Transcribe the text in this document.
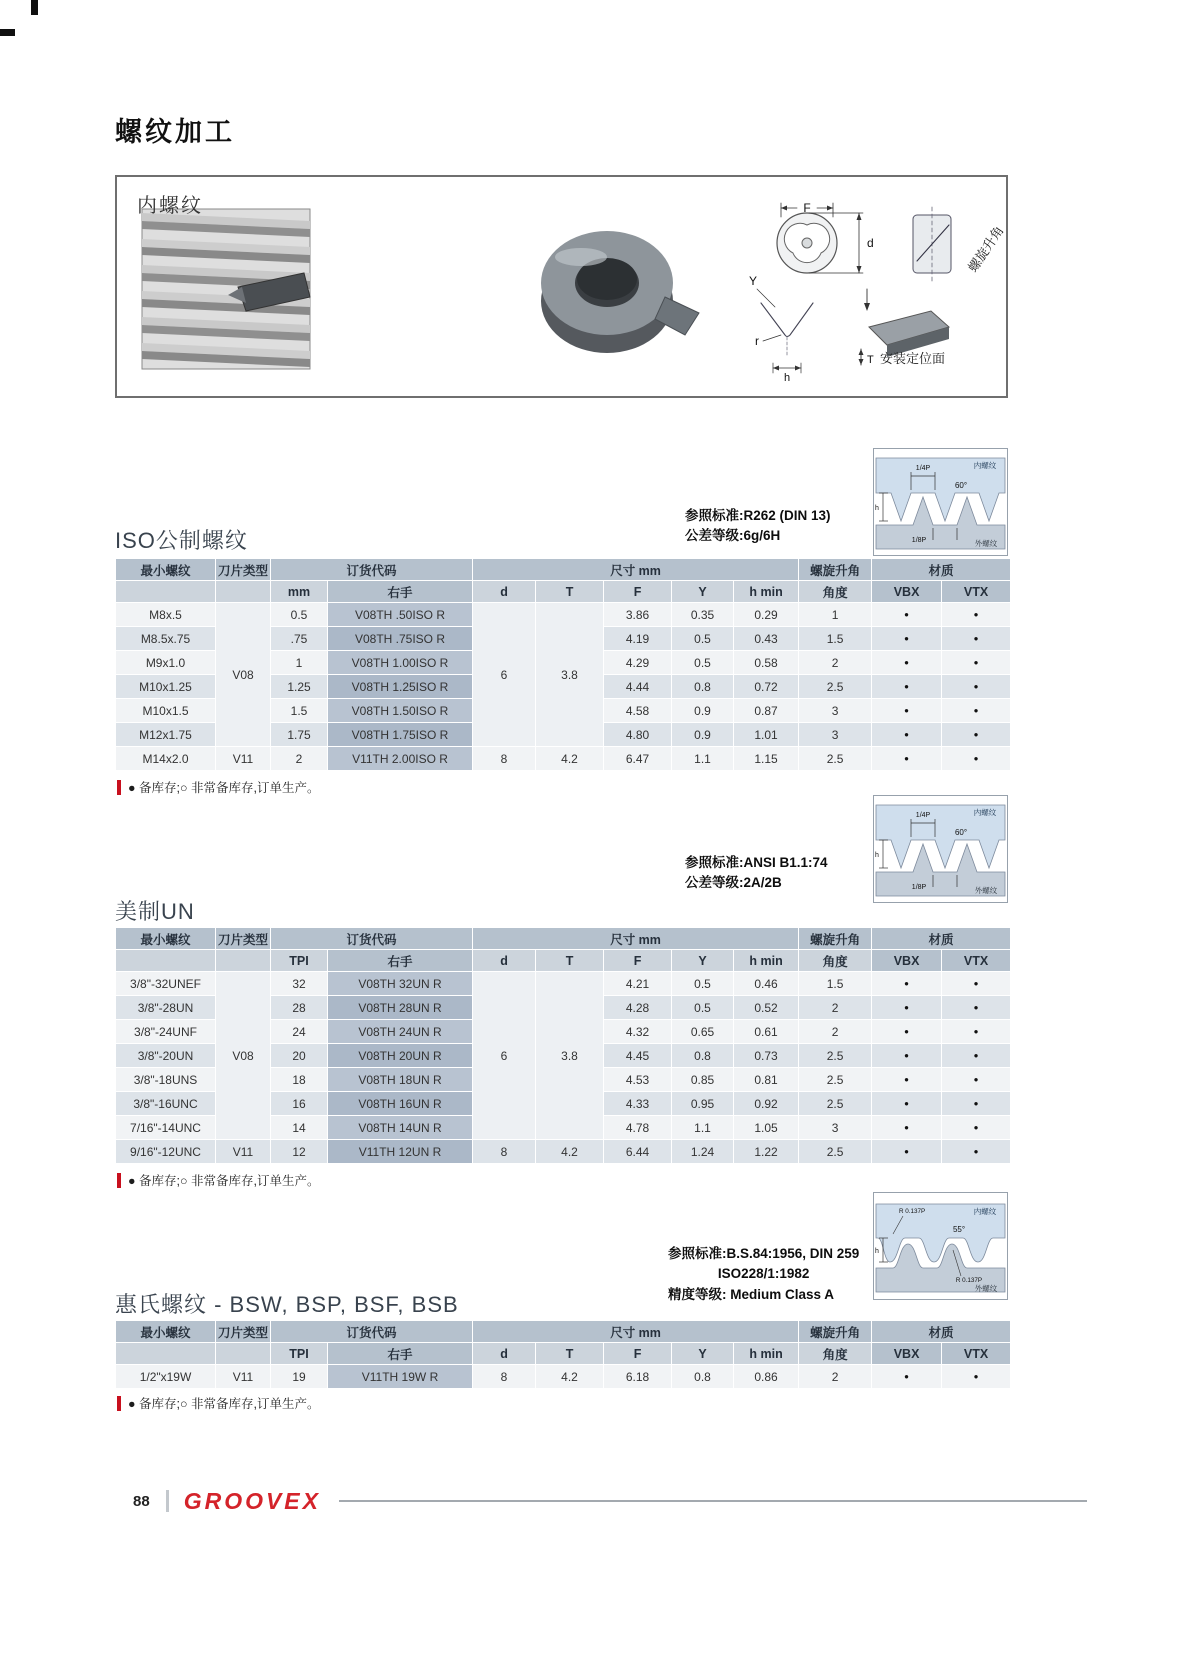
螺纹加工
内螺纹	F
d	螺旋升角
Y
r
h
T 安装定位面
1/4P
60°
h
1/8P
内螺纹
外螺纹
参照标准:R262 (DIN 13)
公差等级:6g/6H
ISO公制螺纹
最小螺纹	刀片类型	订货代码		尺寸 mm					螺旋升角	材质	
		mm	右手	d	T	F	Y	h min	角度	VBX	VTX
M8x.5	V08	0.5	V08TH .50ISO R	6	3.8	3.86	0.35	0.29	1	●	●
M8.5x.75		.75	V08TH .75ISO R			4.19	0.5	0.43	1.5	●	●
M9x1.0		1	V08TH 1.00ISO R			4.29	0.5	0.58	2	●	●
M10x1.25		1.25	V08TH 1.25ISO R			4.44	0.8	0.72	2.5	●	●
M10x1.5		1.5	V08TH 1.50ISO R			4.58	0.9	0.87	3	●	●
M12x1.75		1.75	V08TH 1.75ISO R			4.80	0.9	1.01	3	●	●
M14x2.0	V11	2	V11TH 2.00ISO R	8	4.2	6.47	1.1	1.15	2.5	●	●
● 备库存;○ 非常备库存,订单生产。
1/4P
60°
h
1/8P
内螺纹
外螺纹
参照标准:ANSI B1.1:74
公差等级:2A/2B
美制UN
最小螺纹	刀片类型	订货代码		尺寸 mm					螺旋升角	材质	
		TPI	右手	d	T	F	Y	h min	角度	VBX	VTX
3/8"-32UNEF	V08	32	V08TH 32UN R	6	3.8	4.21	0.5	0.46	1.5	●	●
3/8"-28UN		28	V08TH 28UN R			4.28	0.5	0.52	2	●	●
3/8"-24UNF		24	V08TH 24UN R			4.32	0.65	0.61	2	●	●
3/8"-20UN		20	V08TH 20UN R			4.45	0.8	0.73	2.5	●	●
3/8"-18UNS		18	V08TH 18UN R			4.53	0.85	0.81	2.5	●	●
3/8"-16UNC		16	V08TH 16UN R			4.33	0.95	0.92	2.5	●	●
7/16"-14UNC		14	V08TH 14UN R			4.78	1.1	1.05	3	●	●
9/16"-12UNC	V11	12	V11TH 12UN R	8	4.2	6.44	1.24	1.22	2.5	●	●
● 备库存;○ 非常备库存,订单生产。
R 0.137P
55°
h
R 0.137P
内螺纹
外螺纹
参照标准:B.S.84:1956, DIN 259
ISO228/1:1982
精度等级: Medium Class A
惠氏螺纹 - BSW, BSP, BSF, BSB
最小螺纹	刀片类型	订货代码		尺寸 mm					螺旋升角	材质	
		TPI	右手	d	T	F	Y	h min	角度	VBX	VTX
1/2"x19W	V11	19	V11TH 19W R	8	4.2	6.18	0.8	0.86	2	●	●
● 备库存;○ 非常备库存,订单生产。
88 GROOVEX
